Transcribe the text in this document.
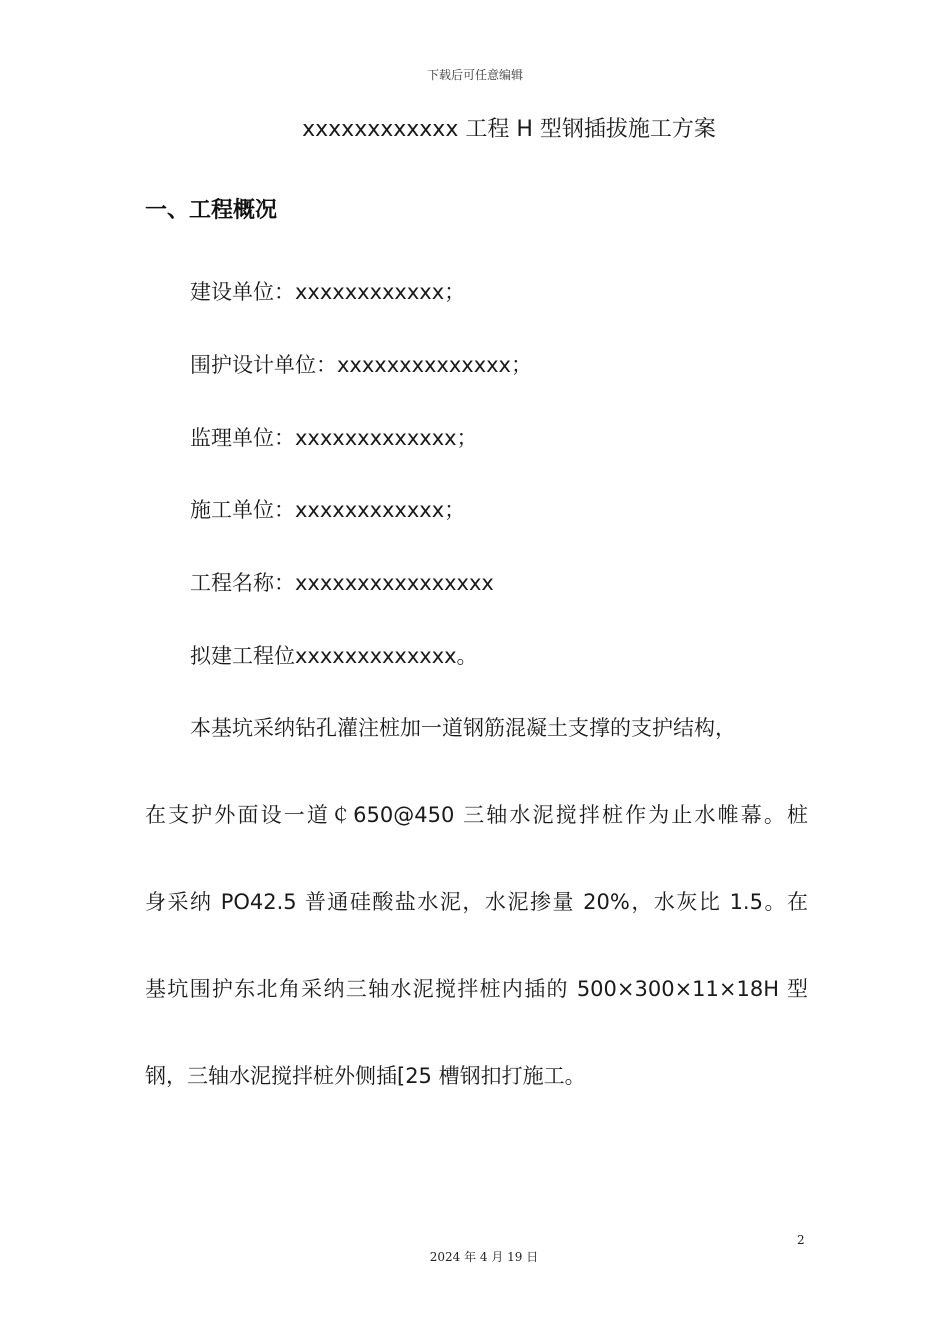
下载后可任意编辑
xxxxxxxxxxxx 工程 H 型钢插拔施工方案
一、工程概况
建设单位：xxxxxxxxxxxx；
围护设计单位：xxxxxxxxxxxxxx；
监理单位：xxxxxxxxxxxxx；
施工单位：xxxxxxxxxxxx；
工程名称：xxxxxxxxxxxxxxxx
拟建工程位xxxxxxxxxxxxx。
本基坑采纳钻孔灌注桩加一道钢筋混凝土支撑的支护结构，
在支护外面设一道￠650@450 三轴水泥搅拌桩作为止水帷幕。桩
身采纳 PO42.5 普通硅酸盐水泥，水泥掺量 20%，水灰比 1.5。在
基坑围护东北角采纳三轴水泥搅拌桩内插的 500×300×11×18H 型
钢，三轴水泥搅拌桩外侧插[25 槽钢扣打施工。
2
2024 年 4 月 19 日
